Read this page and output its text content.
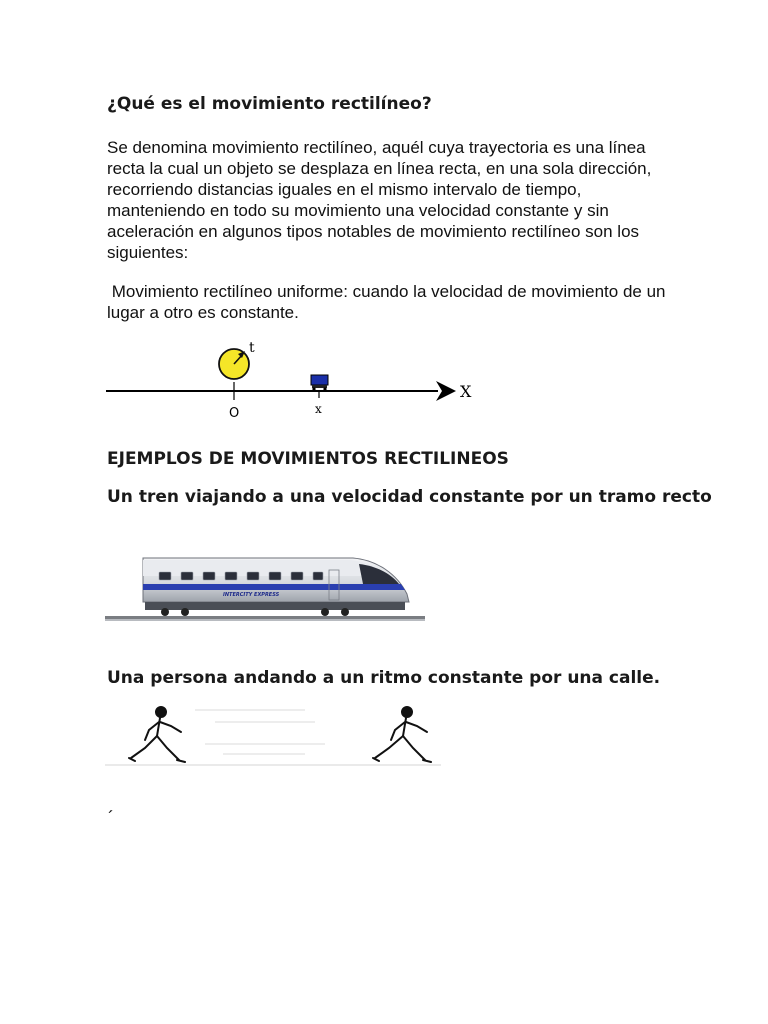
¿Qué es el movimiento rectilíneo?
Se denomina movimiento rectilíneo, aquél cuya trayectoria es una línea recta la cual un objeto se desplaza en línea recta, en una sola dirección, recorriendo distancias iguales en el mismo intervalo de tiempo, manteniendo en todo su movimiento una velocidad constante y sin aceleración en algunos tipos notables de movimiento rectilíneo son los siguientes:
Movimiento rectilíneo uniforme: cuando la velocidad de movimiento de un lugar a otro es constante.
X
t
O	x
EJEMPLOS DE MOVIMIENTOS RECTILINEOS
Un tren viajando a una velocidad constante por un tramo recto
INTERCITY EXPRESS
Una persona andando a un ritmo constante por una calle.
´
